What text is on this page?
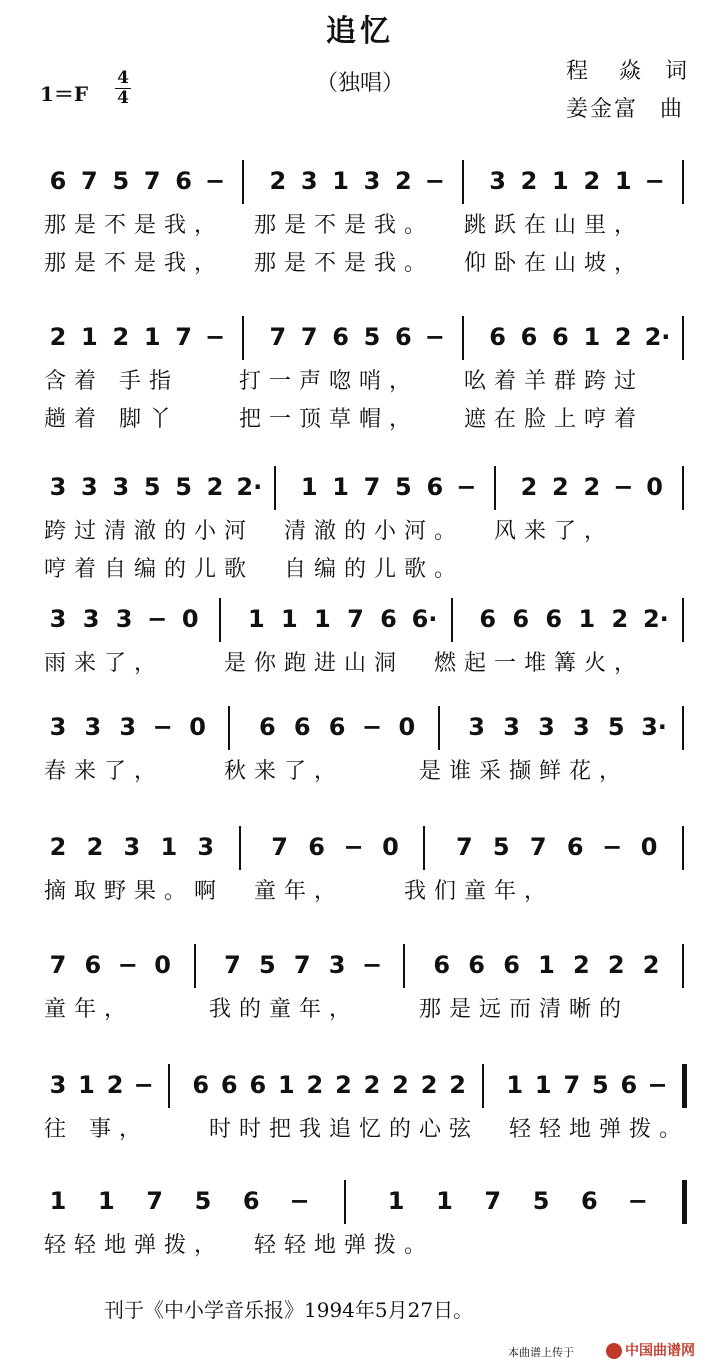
追忆
（独唱）
1＝F
4
4
程 焱 词
姜金富 曲
6 7 5 7 6 − 2 3 1 3 2 − 3 2 1 2 1 −
那是不是我，  那是不是我。  跳跃在山里，
那是不是我，  那是不是我。  仰卧在山坡，
2 1 2 1 7 − 7 7 6 5 6 − 6 6 6 1 2 2·
含着 手指    打一声唿哨，   吆着羊群跨过
趟着 脚丫    把一顶草帽，   遮在脸上哼着
3 3 3 5 5 2 2· 1 1 7 5 6 − 2 2 2 − 0
跨过清澈的小河  清澈的小河。  风来了，
哼着自编的儿歌  自编的儿歌。
3 3 3 − 0 1 1 1 7 6 6· 6 6 6 1 2 2·
雨来了，    是你跑进山洞  燃起一堆篝火，
3 3 3 − 0 6 6 6 − 0 3 3 3 3 5 3·
春来了，    秋来了，     是谁采撷鲜花，
2 2 3 1 3 7 6 − 0 7 5 7 6 − 0
摘取野果。啊  童年，    我们童年，
7 6 − 0 7 5 7 3 − 6 6 6 1 2 2 2
童年，     我的童年，    那是远而清晰的
3 1 2 − 6 6 6 1 2 2 2 2 2 2 1 1 7 5 6 −
往 事，    时时把我追忆的心弦  轻轻地弹拨。
1 1 7 5 6 −	1 1 7 5 6 −
轻轻地弹拨，  轻轻地弹拨。
刊于《中小学音乐报》1994年5月27日。
本曲谱上传于	中国曲谱网
